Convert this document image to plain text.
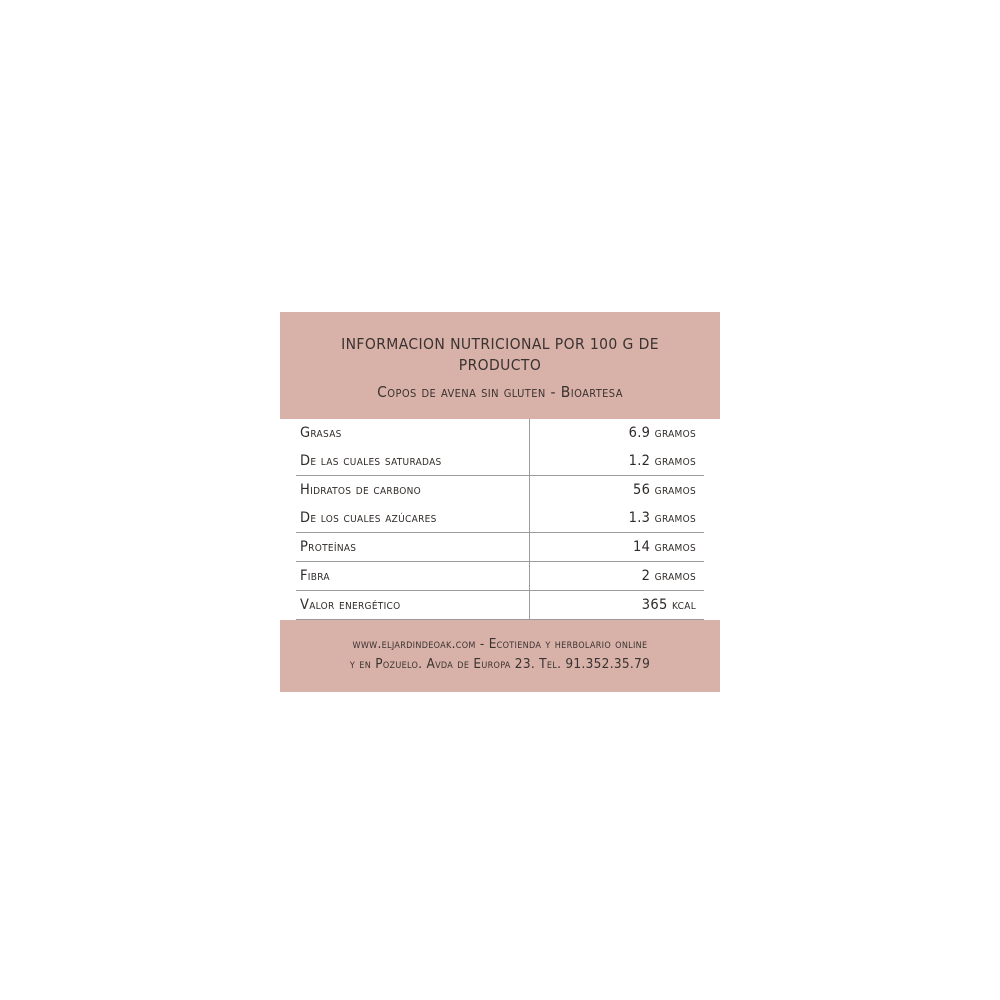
INFORMACION NUTRICIONAL POR 100 G DE PRODUCTO
Copos de avena sin gluten - Bioartesa
Grasas	6.9 gramos
De las cuales saturadas	1.2 gramos
Hidratos de carbono	56 gramos
De los cuales azúcares	1.3 gramos
Proteínas	14 gramos
Fibra	2 gramos
Valor energético	365 kcal
www.eljardindeoak.com - Ecotienda y herbolario online
y en Pozuelo. Avda de Europa 23. Tel. 91.352.35.79
